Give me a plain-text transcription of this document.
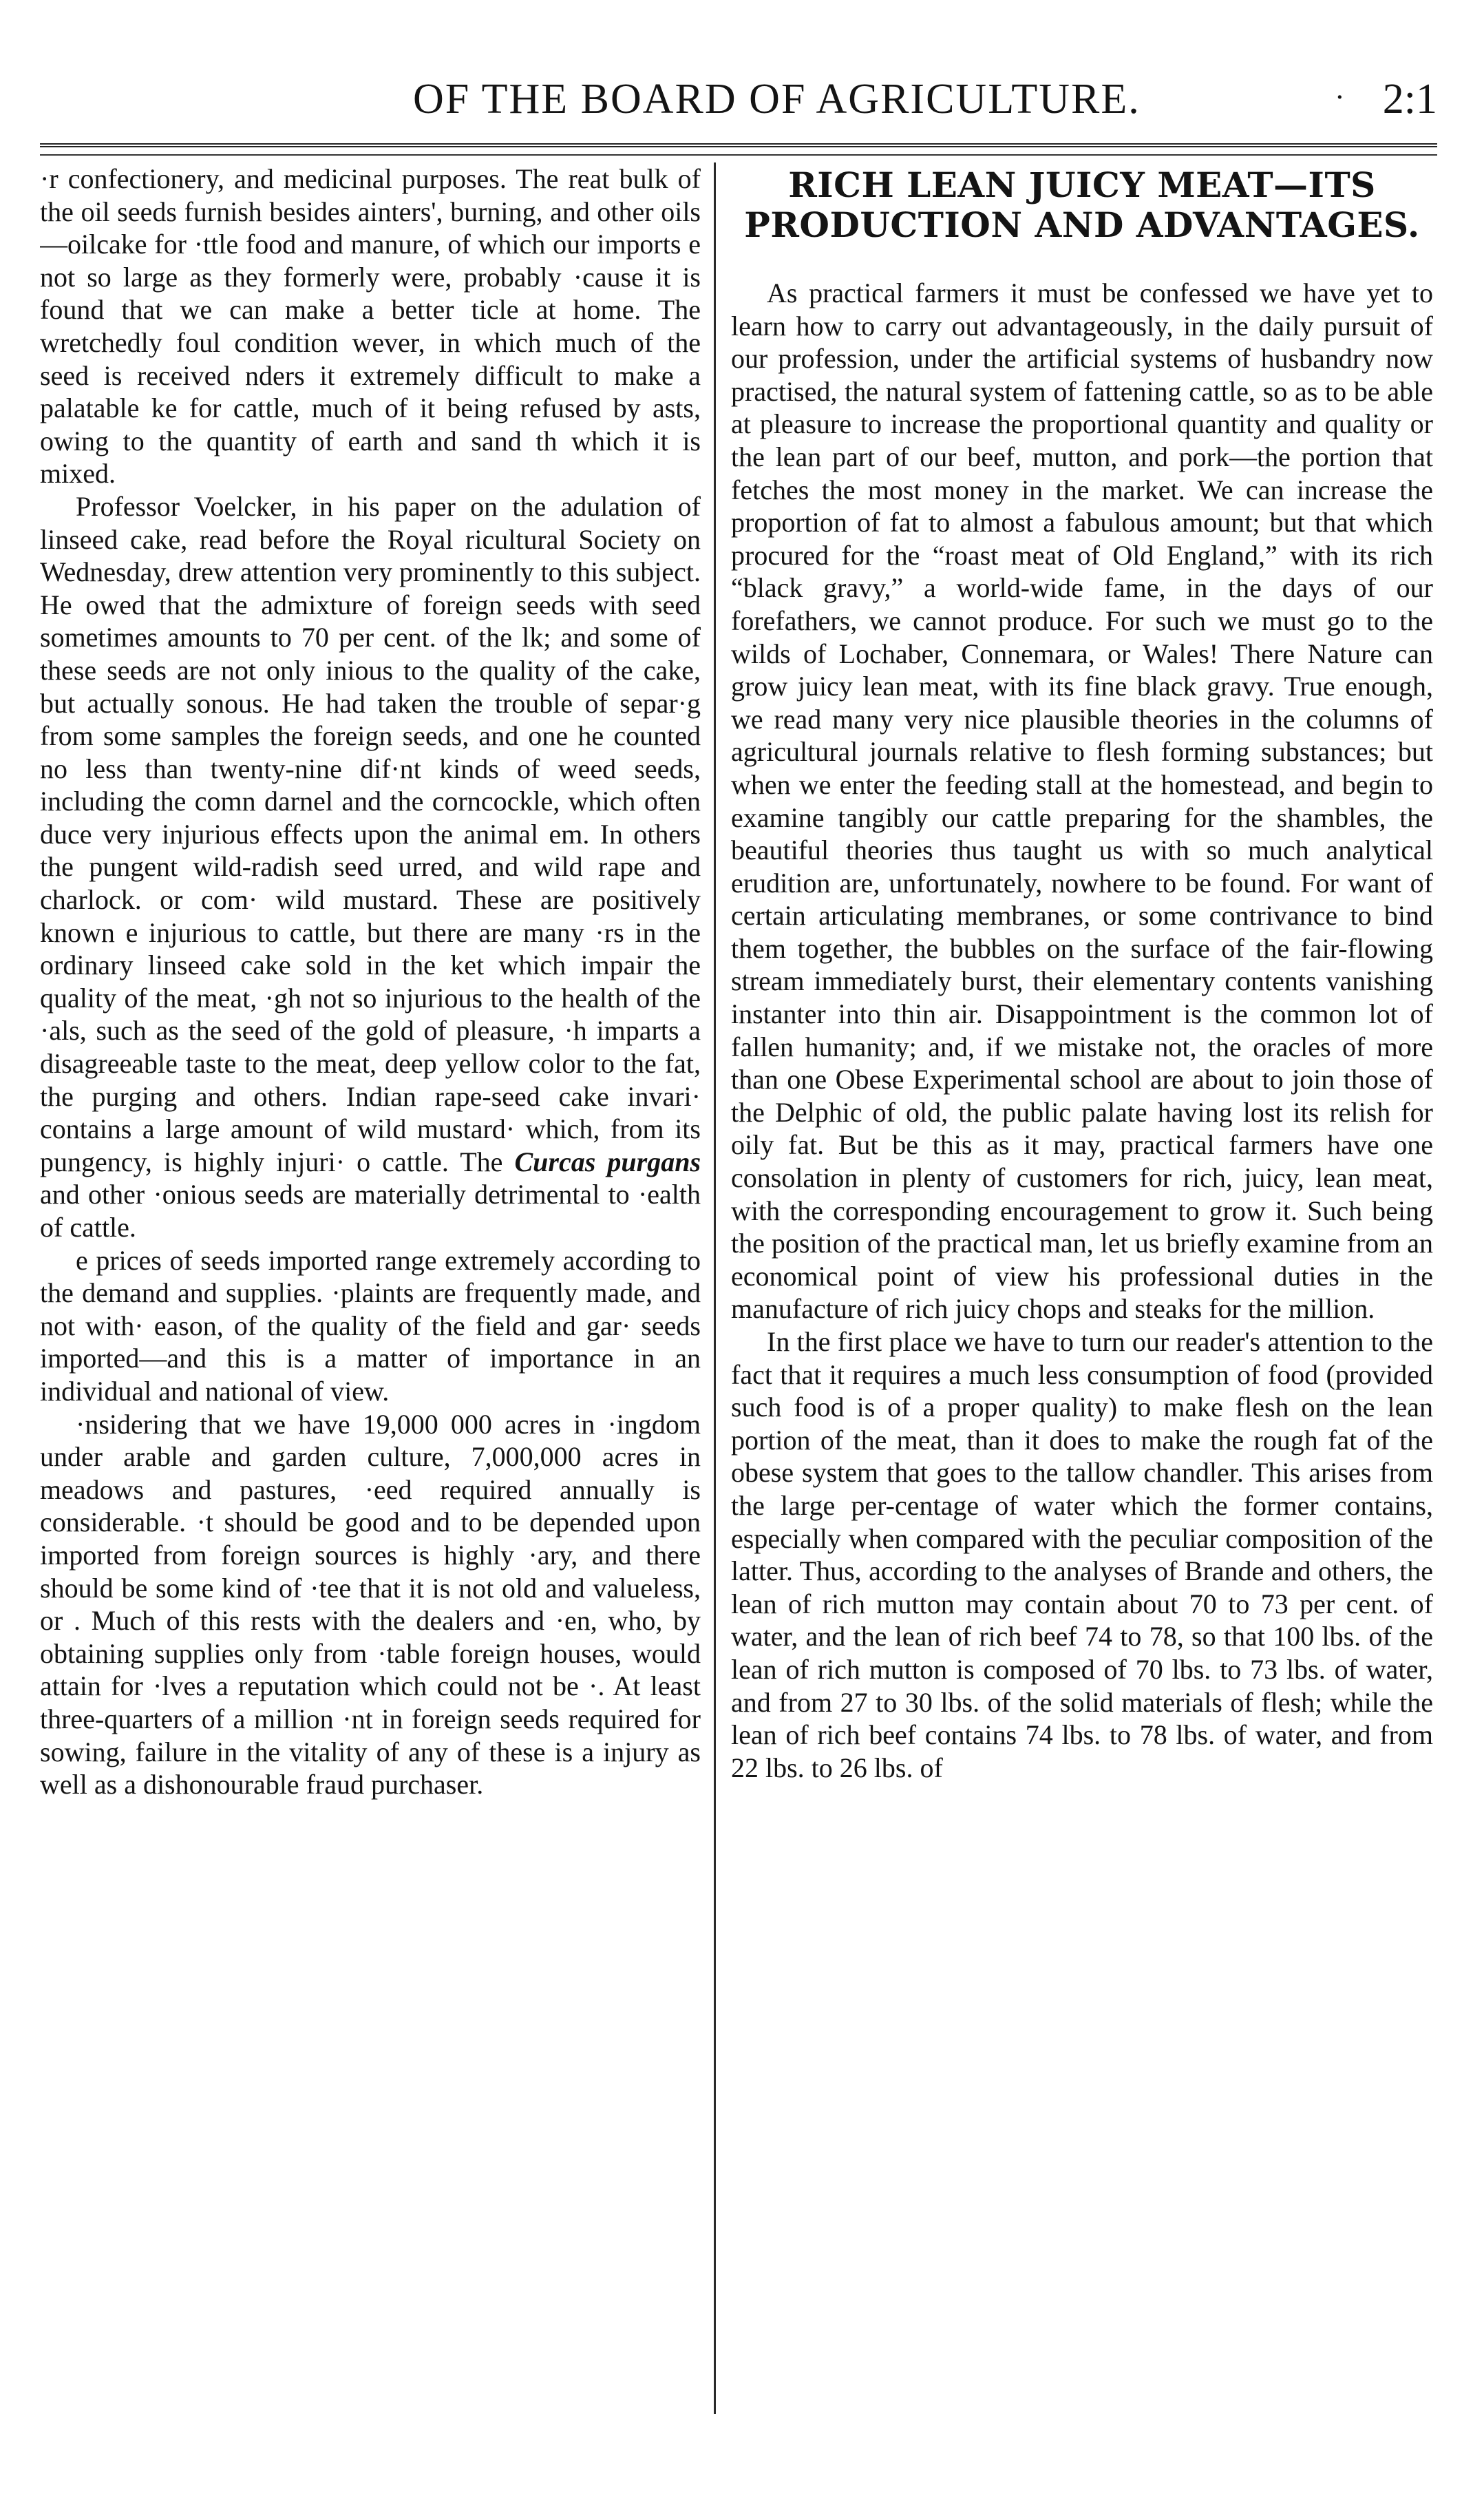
OF THE BOARD OF AGRICULTURE.	· 2:1

·r confectionery, and medicinal purposes. The reat bulk of the oil seeds furnish besides ainters', burning, and other oils—oilcake for ·ttle food and manure, of which our imports e not so large as they formerly were, probably ·cause it is found that we can make a better ticle at home. The wretchedly foul condition wever, in which much of the seed is received nders it extremely difficult to make a palatable ke for cattle, much of it being refused by asts, owing to the quantity of earth and sand th which it is mixed.

Professor Voelcker, in his paper on the adulation of linseed cake, read before the Royal ricultural Society on Wednesday, drew attention very prominently to this subject. He owed that the admixture of foreign seeds with seed sometimes amounts to 70 per cent. of the lk; and some of these seeds are not only inious to the quality of the cake, but actually sonous. He had taken the trouble of separ·g from some samples the foreign seeds, and one he counted no less than twenty-nine dif·nt kinds of weed seeds, including the comn darnel and the corncockle, which often duce very injurious effects upon the animal em. In others the pungent wild-radish seed urred, and wild rape and charlock. or com· wild mustard. These are positively known e injurious to cattle, but there are many ·rs in the ordinary linseed cake sold in the ket which impair the quality of the meat, ·gh not so injurious to the health of the ·als, such as the seed of the gold of pleasure, ·h imparts a disagreeable taste to the meat, deep yellow color to the fat, the purging and others. Indian rape-seed cake invari· contains a large amount of wild mustard· which, from its pungency, is highly injuri· o cattle. The Curcas purgans and other ·onious seeds are materially detrimental to ·ealth of cattle.

e prices of seeds imported range extremely according to the demand and supplies. ·plaints are frequently made, and not with· eason, of the quality of the field and gar· seeds imported—and this is a matter of importance in an individual and national of view.

·nsidering that we have 19,000 000 acres in ·ingdom under arable and garden culture, 7,000,000 acres in meadows and pastures, ·eed required annually is considerable. ·t should be good and to be depended upon imported from foreign sources is highly ·ary, and there should be some kind of ·tee that it is not old and valueless, or . Much of this rests with the dealers and ·en, who, by obtaining supplies only from ·table foreign houses, would attain for ·lves a reputation which could not be ·. At least three-quarters of a million ·nt in foreign seeds required for sowing, failure in the vitality of any of these is a injury as well as a dishonourable fraud purchaser.

RICH LEAN JUICY MEAT—ITS PRODUCTION AND ADVANTAGES.

As practical farmers it must be confessed we have yet to learn how to carry out advantageously, in the daily pursuit of our profession, under the artificial systems of husbandry now practised, the natural system of fattening cattle, so as to be able at pleasure to increase the proportional quantity and quality or the lean part of our beef, mutton, and pork—the portion that fetches the most money in the market. We can increase the proportion of fat to almost a fabulous amount; but that which procured for the “roast meat of Old England,” with its rich “black gravy,” a world-wide fame, in the days of our forefathers, we cannot produce. For such we must go to the wilds of Lochaber, Connemara, or Wales! There Nature can grow juicy lean meat, with its fine black gravy. True enough, we read many very nice plausible theories in the columns of agricultural journals relative to flesh forming substances; but when we enter the feeding stall at the homestead, and begin to examine tangibly our cattle preparing for the shambles, the beautiful theories thus taught us with so much analytical erudition are, unfortunately, nowhere to be found. For want of certain articulating membranes, or some contrivance to bind them together, the bubbles on the surface of the fair-flowing stream immediately burst, their elementary contents vanishing instanter into thin air. Disappointment is the common lot of fallen humanity; and, if we mistake not, the oracles of more than one Obese Experimental school are about to join those of the Delphic of old, the public palate having lost its relish for oily fat. But be this as it may, practical farmers have one consolation in plenty of customers for rich, juicy, lean meat, with the corresponding encouragement to grow it. Such being the position of the practical man, let us briefly examine from an economical point of view his professional duties in the manufacture of rich juicy chops and steaks for the million.

In the first place we have to turn our reader's attention to the fact that it requires a much less consumption of food (provided such food is of a proper quality) to make flesh on the lean portion of the meat, than it does to make the rough fat of the obese system that goes to the tallow chandler. This arises from the large per-centage of water which the former contains, especially when compared with the peculiar composition of the latter. Thus, according to the analyses of Brande and others, the lean of rich mutton may contain about 70 to 73 per cent. of water, and the lean of rich beef 74 to 78, so that 100 lbs. of the lean of rich mutton is composed of 70 lbs. to 73 lbs. of water, and from 27 to 30 lbs. of the solid materials of flesh; while the lean of rich beef contains 74 lbs. to 78 lbs. of water, and from 22 lbs. to 26 lbs. of
